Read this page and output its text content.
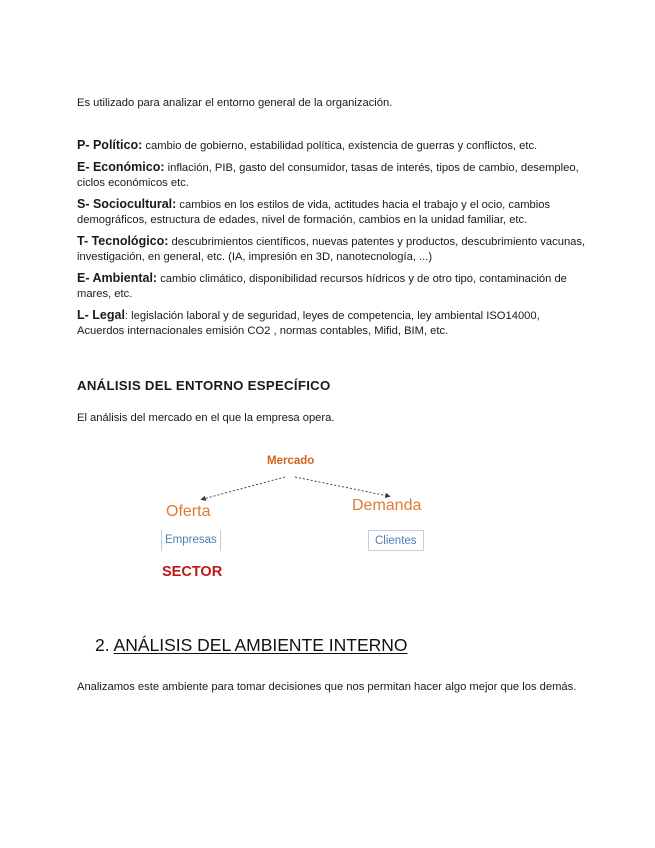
Es utilizado para analizar el entorno general de la organización.

P- Político: cambio de gobierno, estabilidad política, existencia de guerras y conflictos, etc.

E- Económico: inflación, PIB, gasto del consumidor, tasas de interés, tipos de cambio, desempleo, ciclos económicos etc.

S- Sociocultural: cambios en los estilos de vida, actitudes hacia el trabajo y el ocio, cambios demográficos, estructura de edades, nivel de formación, cambios en la unidad familiar, etc.

T- Tecnológico: descubrimientos científicos, nuevas patentes y productos, descubrimiento vacunas, investigación, en general, etc. (IA, impresión en 3D, nanotecnología, ...)

E- Ambiental: cambio climático, disponibilidad recursos hídricos y de otro tipo, contaminación de mares, etc.

L- Legal: legislación laboral y de seguridad, leyes de competencia, ley ambiental ISO14000, Acuerdos internacionales emisión CO2 , normas contables, Mifid, BIM, etc.

ANÁLISIS DEL ENTORNO ESPECÍFICO

El análisis del mercado en el que la empresa opera.

Mercado
Oferta	Demanda
Empresas	Clientes
SECTOR
2. ANÁLISIS DEL AMBIENTE INTERNO

Analizamos este ambiente para tomar decisiones que nos permitan hacer algo mejor que los demás.
